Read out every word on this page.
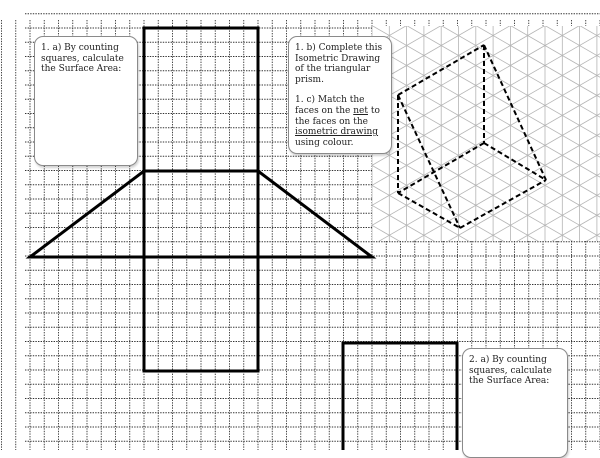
1. a) By counting squares, calculate the Surface Area:

1. b) Complete this Isometric Drawing of the triangular prism.

1. c) Match the faces on the net to the faces on the isometric drawing using colour.

2. a) By counting squares, calculate the Surface Area:
